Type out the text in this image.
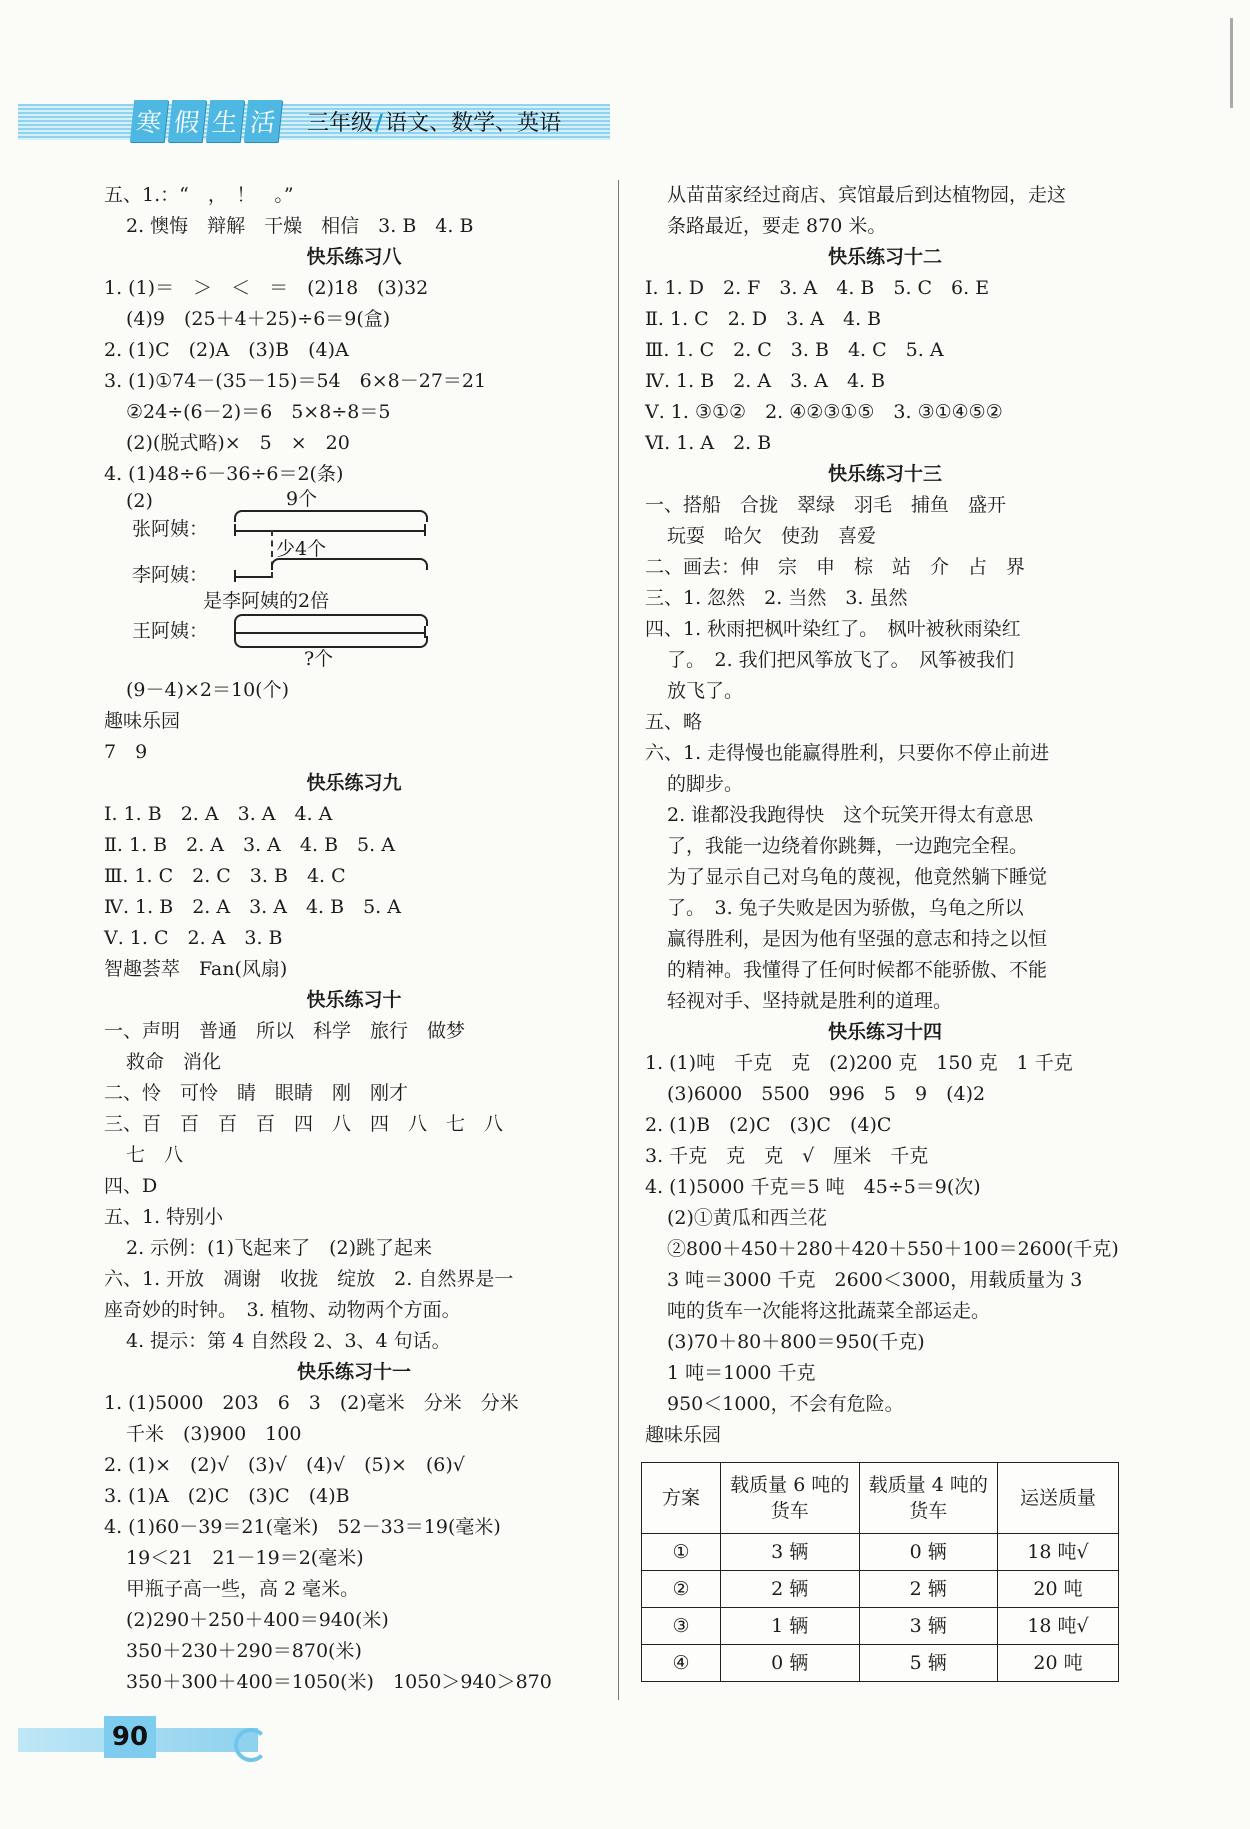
寒 假 生 活 三年级/语文、数学、英语
五、1.：“　，　！　。”
2. 懊悔　辩解　干燥　相信　3. B　4. B
快乐练习八
1. (1)＝　＞　＜　＝　(2)18　(3)32
(4)9　(25＋4＋25)÷6＝9(盒)
2. (1)C　(2)A　(3)B　(4)A
3. (1)①74－(35－15)＝54　6×8－27＝21
②24÷(6－2)＝6　5×8÷8＝5
(2)(脱式略)×　5　×　20
4. (1)48÷6－36÷6＝2(条)
(2)	9个
张阿姨：
少4个
李阿姨：
是李阿姨的2倍
王阿姨：
?个
(9－4)×2＝10(个)
趣味乐园
7　9
快乐练习九
Ⅰ. 1. B　2. A　3. A　4. A
Ⅱ. 1. B　2. A　3. A　4. B　5. A
Ⅲ. 1. C　2. C　3. B　4. C
Ⅳ. 1. B　2. A　3. A　4. B　5. A
Ⅴ. 1. C　2. A　3. B
智趣荟萃　Fan(风扇)
快乐练习十
一、声明　普通　所以　科学　旅行　做梦
救命　消化
二、怜　可怜　睛　眼睛　刚　刚才
三、百　百　百　百　四　八　四　八　七　八
七　八
四、D
五、1. 特别小
2. 示例：(1)飞起来了　(2)跳了起来
六、1. 开放　凋谢　收拢　绽放　2. 自然界是一
座奇妙的时钟。　3. 植物、动物两个方面。
4. 提示：第 4 自然段 2、3、4 句话。
快乐练习十一
1. (1)5000　203　6　3　(2)毫米　分米　分米
千米　(3)900　100
2. (1)×　(2)√　(3)√　(4)√　(5)×　(6)√
3. (1)A　(2)C　(3)C　(4)B
4. (1)60－39＝21(毫米)　52－33＝19(毫米)
19＜21　21－19＝2(毫米)
甲瓶子高一些，高 2 毫米。
(2)290＋250＋400＝940(米)
350＋230＋290＝870(米)
350＋300＋400＝1050(米)　1050＞940＞870
从苗苗家经过商店、宾馆最后到达植物园，走这
条路最近，要走 870 米。
快乐练习十二
Ⅰ. 1. D　2. F　3. A　4. B　5. C　6. E
Ⅱ. 1. C　2. D　3. A　4. B
Ⅲ. 1. C　2. C　3. B　4. C　5. A
Ⅳ. 1. B　2. A　3. A　4. B
Ⅴ. 1. ③①②　2. ④②③①⑤　3. ③①④⑤②
Ⅵ. 1. A　2. B
快乐练习十三
一、搭船　合拢　翠绿　羽毛　捕鱼　盛开
玩耍　哈欠　使劲　喜爱
二、画去：伸　宗　申　棕　站　介　占　界
三、1. 忽然　2. 当然　3. 虽然
四、1. 秋雨把枫叶染红了。　枫叶被秋雨染红
了。　2. 我们把风筝放飞了。　风筝被我们
放飞了。
五、略
六、1. 走得慢也能赢得胜利，只要你不停止前进
的脚步。
2. 谁都没我跑得快　这个玩笑开得太有意思
了，我能一边绕着你跳舞，一边跑完全程。
为了显示自己对乌龟的蔑视，他竟然躺下睡觉
了。　3. 兔子失败是因为骄傲，乌龟之所以
赢得胜利，是因为他有坚强的意志和持之以恒
的精神。我懂得了任何时候都不能骄傲、不能
轻视对手、坚持就是胜利的道理。
快乐练习十四
1. (1)吨　千克　克　(2)200 克　150 克　1 千克
(3)6000　5500　996　5　9　(4)2
2. (1)B　(2)C　(3)C　(4)C
3. 千克　克　克　√　厘米　千克
4. (1)5000 千克＝5 吨　45÷5＝9(次)
(2)①黄瓜和西兰花
②800＋450＋280＋420＋550＋100＝2600(千克)
3 吨＝3000 千克　2600＜3000，用载质量为 3
吨的货车一次能将这批蔬菜全部运走。
(3)70＋80＋800＝950(千克)
1 吨＝1000 千克
950＜1000，不会有危险。
趣味乐园
方案	载质量 6 吨的货车	载质量 4 吨的货车	运送质量
①	3 辆	0 辆	18 吨√
②	2 辆	2 辆	20 吨
③	1 辆	3 辆	18 吨√
④	0 辆	5 辆	20 吨
90
